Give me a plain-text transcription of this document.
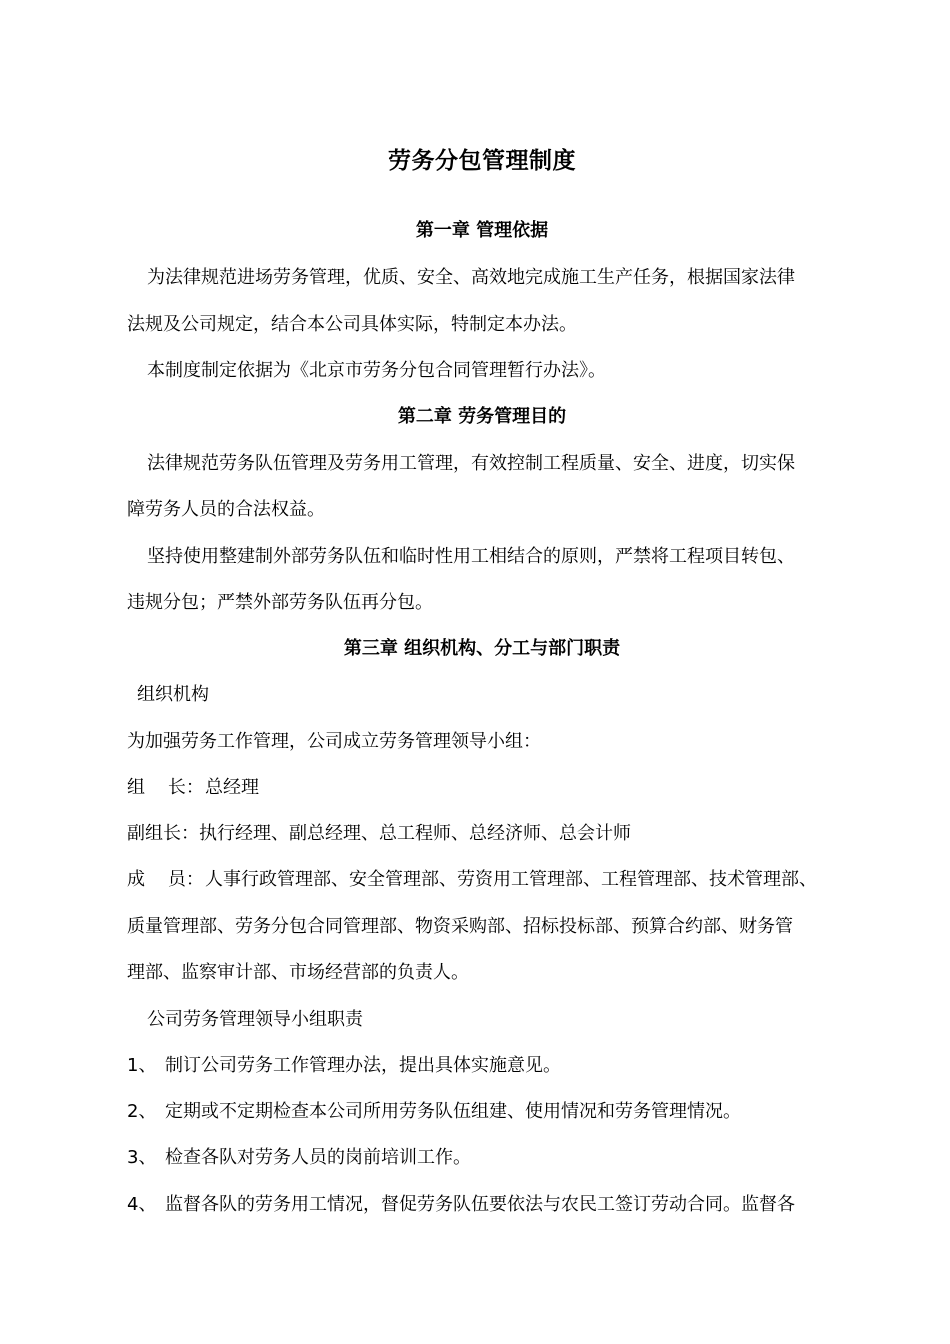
劳务分包管理制度
第一章 管理依据
为法律规范进场劳务管理，优质、安全、高效地完成施工生产任务，根据国家法律
法规及公司规定，结合本公司具体实际，特制定本办法。
本制度制定依据为《北京市劳务分包合同管理暂行办法》。
第二章 劳务管理目的
法律规范劳务队伍管理及劳务用工管理，有效控制工程质量、安全、进度，切实保
障劳务人员的合法权益。
坚持使用整建制外部劳务队伍和临时性用工相结合的原则，严禁将工程项目转包、
违规分包；严禁外部劳务队伍再分包。
第三章 组织机构、分工与部门职责
组织机构
为加强劳务工作管理，公司成立劳务管理领导小组：
组    长：总经理
副组长：执行经理、副总经理、总工程师、总经济师、总会计师
成    员：人事行政管理部、安全管理部、劳资用工管理部、工程管理部、技术管理部、
质量管理部、劳务分包合同管理部、物资采购部、招标投标部、预算合约部、财务管
理部、监察审计部、市场经营部的负责人。
公司劳务管理领导小组职责
1、 制订公司劳务工作管理办法，提出具体实施意见。
2、 定期或不定期检查本公司所用劳务队伍组建、使用情况和劳务管理情况。
3、 检查各队对劳务人员的岗前培训工作。
4、 监督各队的劳务用工情况，督促劳务队伍要依法与农民工签订劳动合同。监督各
